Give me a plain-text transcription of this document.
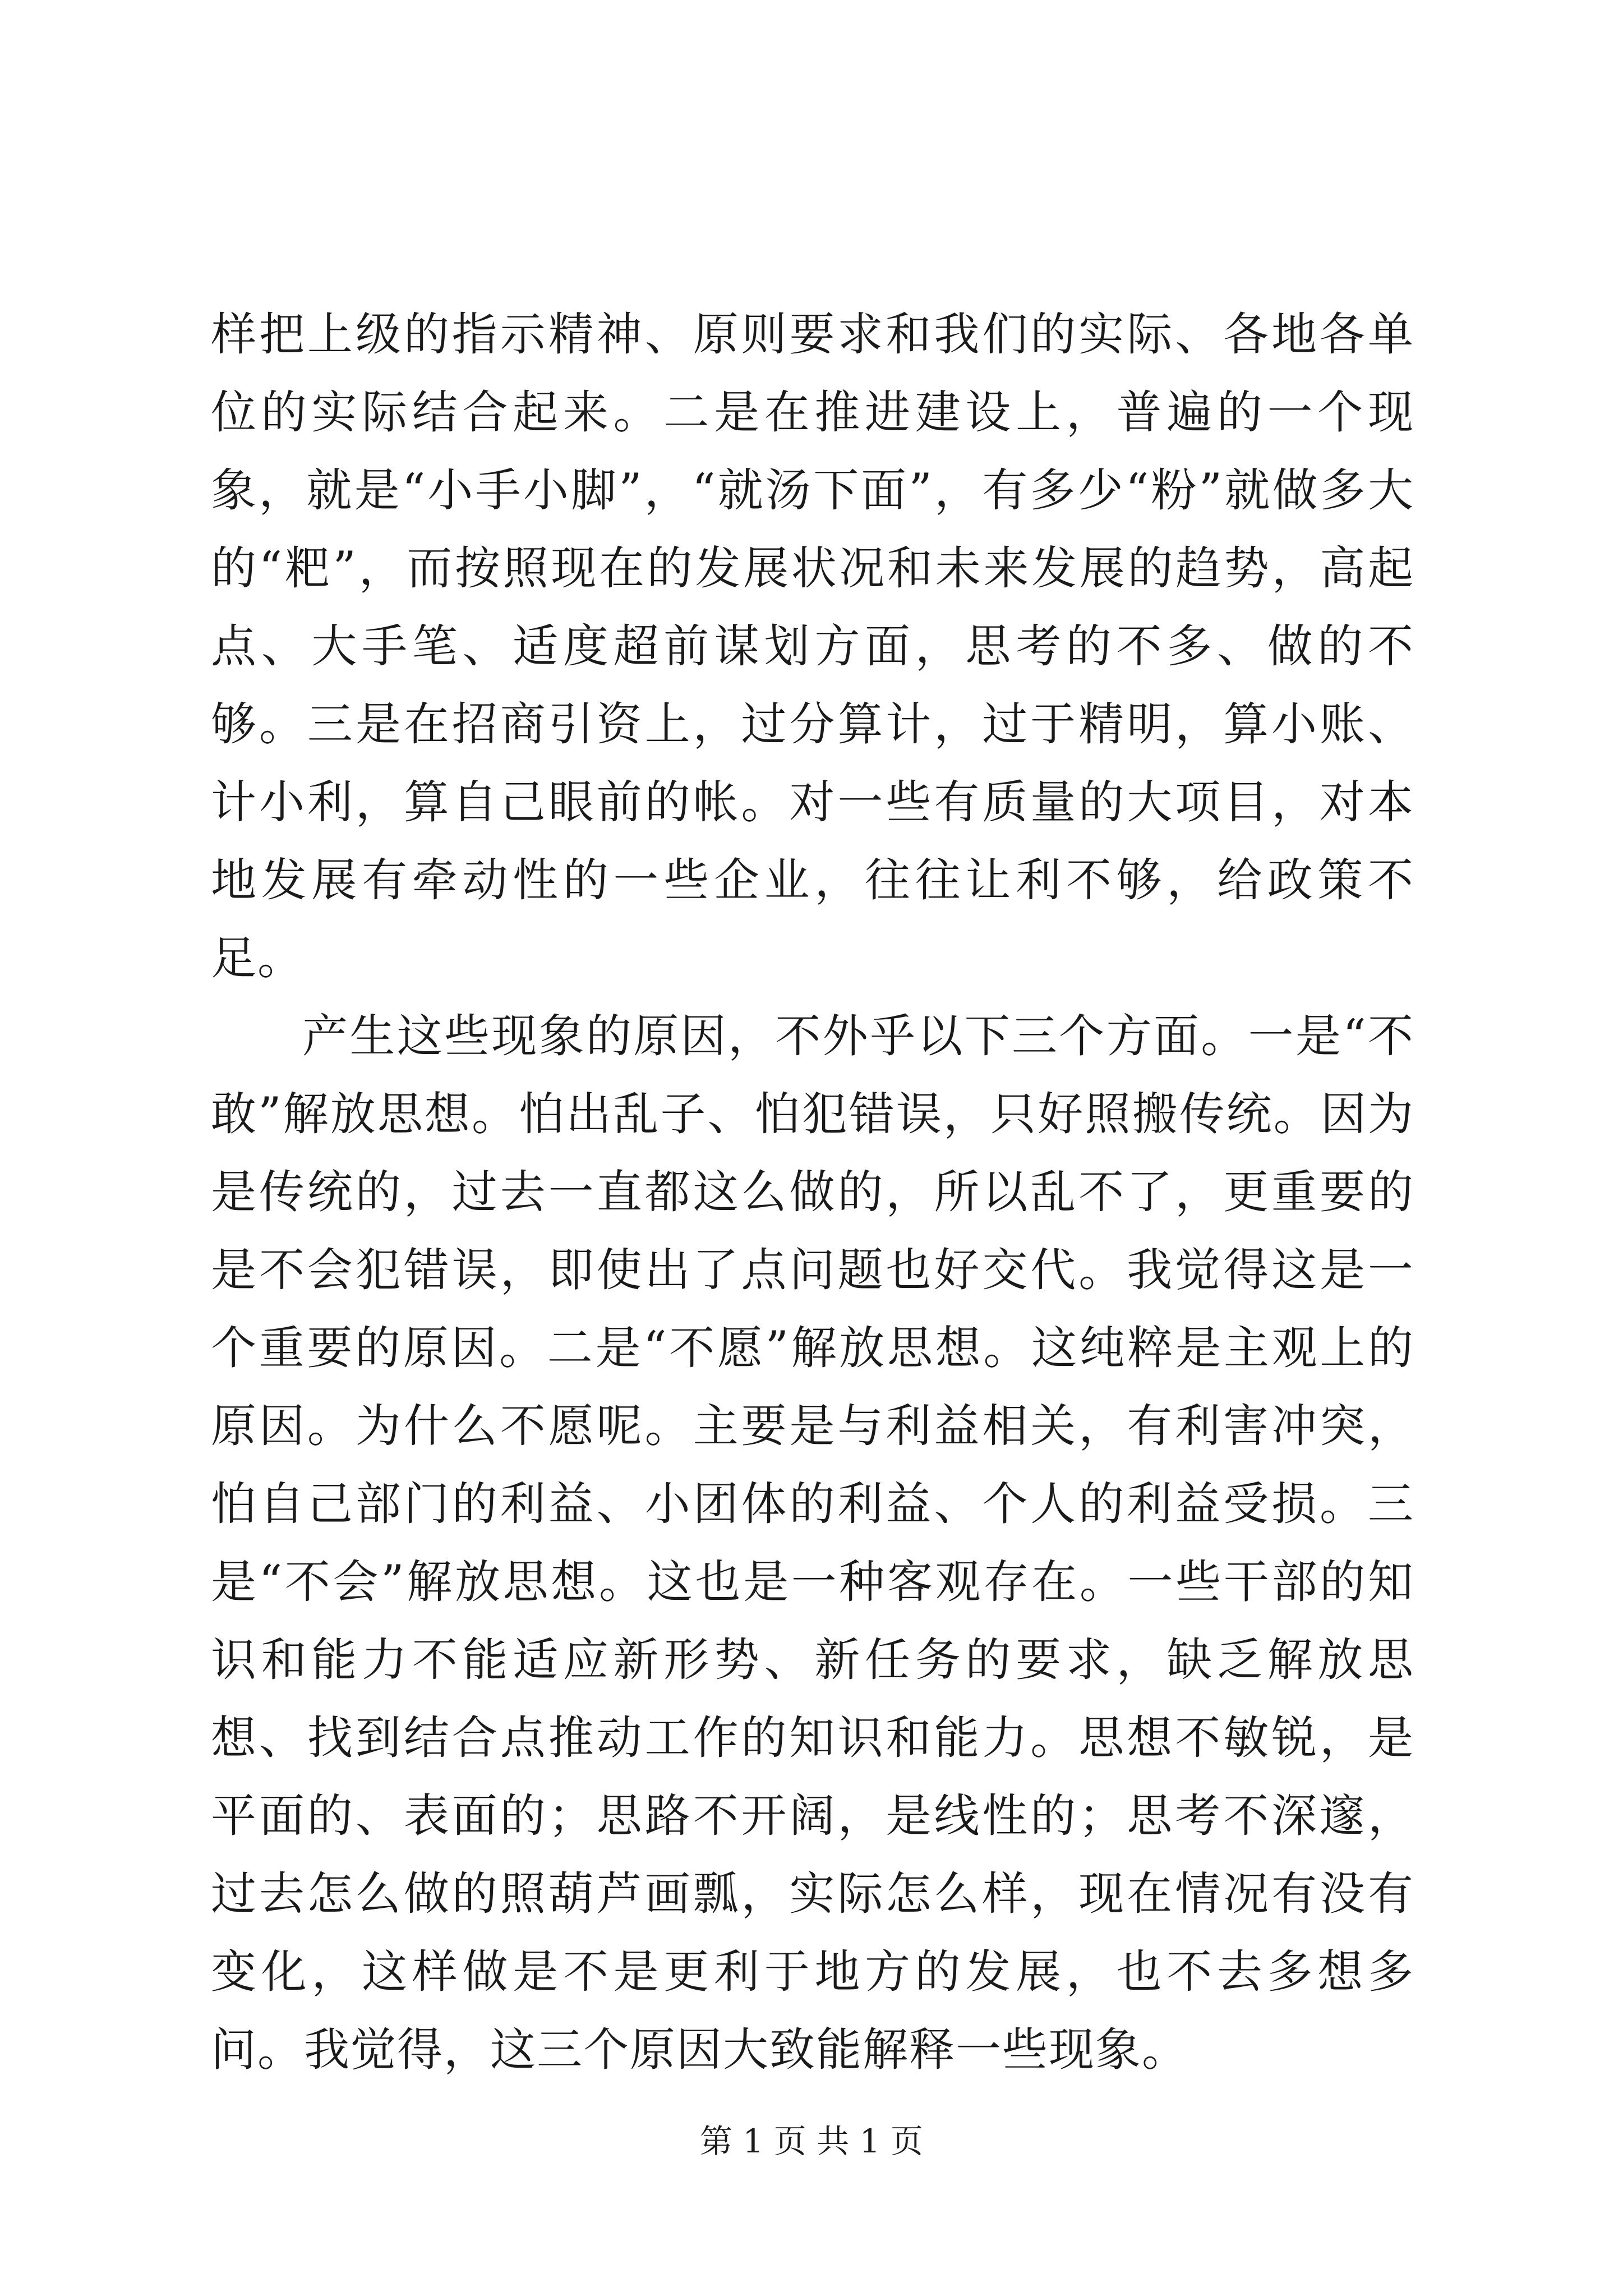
样把上级的指示精神、原则要求和我们的实际、各地各单位的实际结合起来。二是在推进建设上，普遍的一个现象，就是“小手小脚”，“就汤下面”，有多少“粉”就做多大的“粑”，而按照现在的发展状况和未来发展的趋势，高起点、大手笔、适度超前谋划方面，思考的不多、做的不够。三是在招商引资上，过分算计，过于精明，算小账、计小利，算自己眼前的帐。对一些有质量的大项目，对本地发展有牵动性的一些企业，往往让利不够，给政策不足。

产生这些现象的原因，不外乎以下三个方面。一是“不敢”解放思想。怕出乱子、怕犯错误，只好照搬传统。因为是传统的，过去一直都这么做的，所以乱不了，更重要的是不会犯错误，即使出了点问题也好交代。我觉得这是一个重要的原因。二是“不愿”解放思想。这纯粹是主观上的原因。为什么不愿呢。主要是与利益相关，有利害冲突，怕自己部门的利益、小团体的利益、个人的利益受损。三是“不会”解放思想。这也是一种客观存在。一些干部的知识和能力不能适应新形势、新任务的要求，缺乏解放思想、找到结合点推动工作的知识和能力。思想不敏锐，是平面的、表面的；思路不开阔，是线性的；思考不深邃，过去怎么做的照葫芦画瓢，实际怎么样，现在情况有没有变化，这样做是不是更利于地方的发展，也不去多想多问。我觉得，这三个原因大致能解释一些现象。

第 1 页 共 1 页
